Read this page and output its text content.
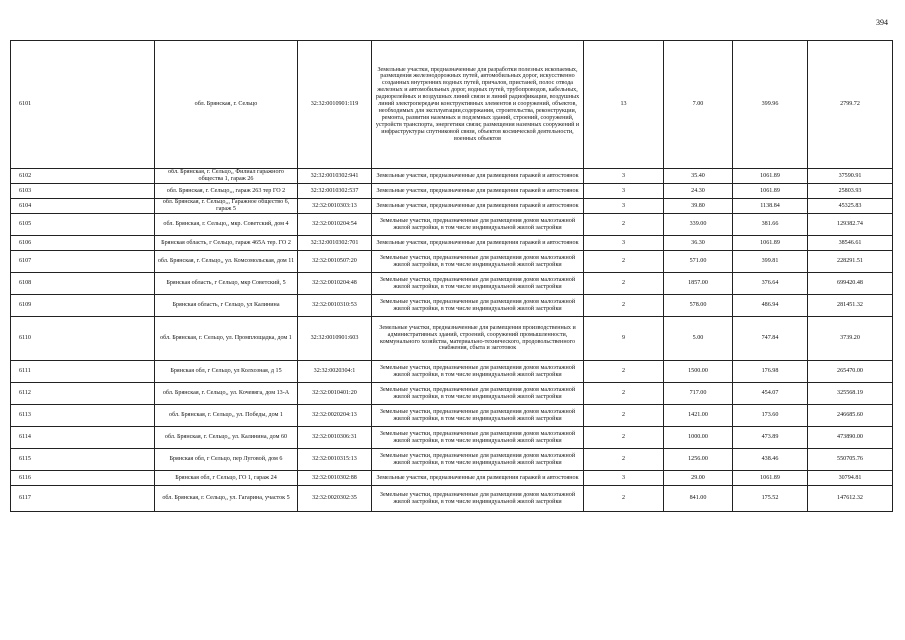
394
6101	обл. Брянская, г. Сельцо	32:32:0010901:119	Земельные участки, предназначенные для разработки полезных ископаемых, размещения железнодорожных путей, автомобильных дорог, искусственно созданных внутренних водных путей, причалов, пристаней, полос отвода железных и автомобильных дорог, водных путей, трубопроводов, кабельных, радиорелейных и воздушных линий связи и линий радиофикации, воздушных линий электропередачи конструктивных элементов и сооружений, объектов, необходимых для эксплуатации,содержания, строительства, реконструкции, ремонта, развития наземных и подземных зданий, строений, сооружений, устройств транспорта, энергетики связи; размещения наземных сооружений и инфраструктуры спутниковой связи, объектов космической деятельности, военных объектов	13	7.00	399.96	2799.72
6102	обл. Брянская, г. Сельцо,, Филиал гаражного общества 1, гараж 26	32:32:0010302:941	Земельные участки, предназначенные для размещения гаражей и автостоянок	3	35.40	1061.89	37590.91
6103	обл. Брянская, г. Сельцо,,, гараж 263 тер ГО 2	32:32:0010302:537	Земельные участки, предназначенные для размещения гаражей и автостоянок	3	24.30	1061.89	25803.93
6104	обл. Брянская, г. Сельцо,,, Гаражное общество 6, гараж 5	32:32:0010303:13	Земельные участки, предназначенные для размещения гаражей и автостоянок	3	39.80	1138.84	45325.83
6105	обл. Брянская, г. Сельцо,, мкр. Советский, дом 4	32:32:0010204:54	Земельные участки, предназначенные для размещения домов малоэтажной жилой застройки, в том числе индивидуальной жилой застройки	2	339.00	381.66	129382.74
6106	Брянская область, г Сельцо, гараж 465А тер. ГО 2	32:32:0010302:701	Земельные участки, предназначенные для размещения гаражей и автостоянок	3	36.30	1061.89	38546.61
6107	обл. Брянская, г. Сельцо,, ул. Комсомольская, дом 11	32:32:0010507:20	Земельные участки, предназначенные для размещения домов малоэтажной жилой застройки, в том числе индивидуальной жилой застройки	2	571.00	399.81	228291.51
6108	Брянская область, г Сельцо, мкр Советский, 5	32:32:0010204:48	Земельные участки, предназначенные для размещения домов малоэтажной жилой застройки, в том числе индивидуальной жилой застройки	2	1857.00	376.64	699420.48
6109	Брянская область, г Сельцо, ул Калинина	32:32:0010310:53	Земельные участки, предназначенные для размещения домов малоэтажной жилой застройки, в том числе индивидуальной жилой застройки	2	578.00	486.94	281451.32
6110	обл. Брянская, г. Сельцо, ул. Промплощадка, дом 1	32:32:0010901:603	Земельные участки, предназначенные для размещения производственных и административных зданий, строений, сооружений промышленности, коммунального хозяйства, материально-технического, продовольственного снабжения, сбыта и заготовок	9	5.00	747.84	3739.20
6111	Брянская обл, г Сельцо, ул Колхозная, д 15	32:32:0020304:1	Земельные участки, предназначенные для размещения домов малоэтажной жилой застройки, в том числе индивидуальной жилой застройки	2	1500.00	176.98	265470.00
6112	обл. Брянская, г. Сельцо,, ул. Кочевяга, дом 13-А	32:32:0010401:20	Земельные участки, предназначенные для размещения домов малоэтажной жилой застройки, в том числе индивидуальной жилой застройки	2	717.00	454.07	325568.19
6113	обл. Брянская, г. Сельцо,, ул. Победы, дом 1	32:32:0020204:13	Земельные участки, предназначенные для размещения домов малоэтажной жилой застройки, в том числе индивидуальной жилой застройки	2	1421.00	173.60	246685.60
6114	обл. Брянская, г. Сельцо,, ул. Калинина, дом 60	32:32:0010306:31	Земельные участки, предназначенные для размещения домов малоэтажной жилой застройки, в том числе индивидуальной жилой застройки	2	1000.00	473.89	473890.00
6115	Брянская обл, г Сельцо, пер Луговой, дом 6	32:32:0010315:13	Земельные участки, предназначенные для размещения домов малоэтажной жилой застройки, в том числе индивидуальной жилой застройки	2	1256.00	438.46	550705.76
6116	Брянская обл, г Сельцо, ГО 1, гараж 24	32:32:0010302:88	Земельные участки, предназначенные для размещения гаражей и автостоянок	3	29.00	1061.89	30794.81
6117	обл. Брянская, г. Сельцо,, ул. Гагарина, участок 5	32:32:0020302:35	Земельные участки, предназначенные для размещения домов малоэтажной жилой застройки, в том числе индивидуальной жилой застройки	2	841.00	175.52	147612.32
